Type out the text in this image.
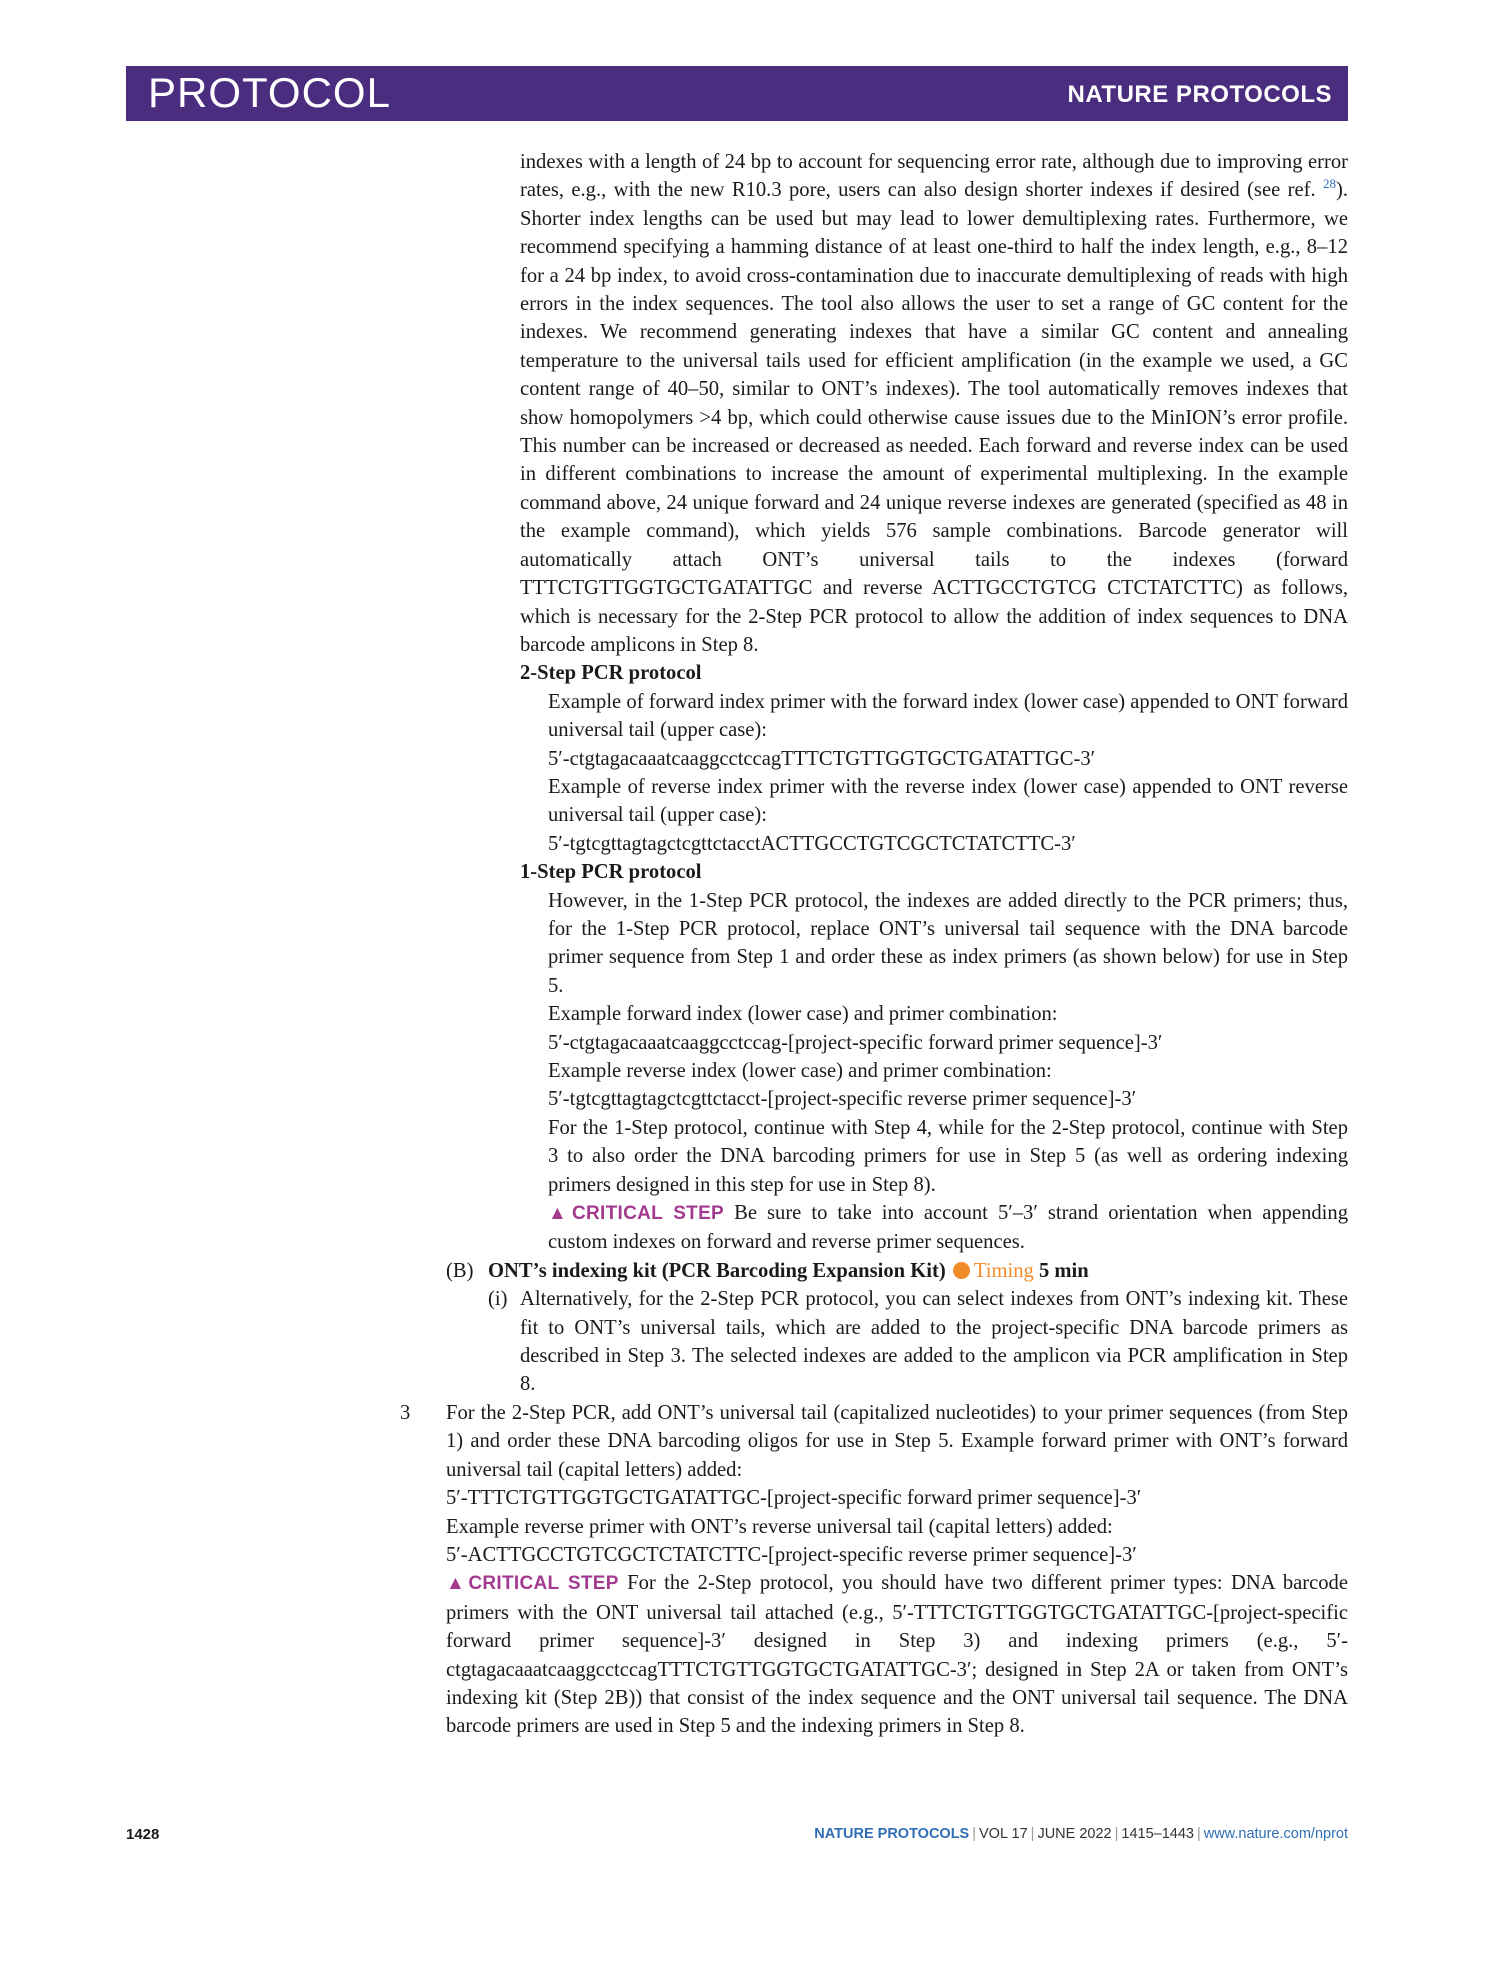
PROTOCOL	NATURE PROTOCOLS

indexes with a length of 24 bp to account for sequencing error rate, although due to improving error rates, e.g., with the new R10.3 pore, users can also design shorter indexes if desired (see ref. $^{28}$). Shorter index lengths can be used but may lead to lower demultiplexing rates. Furthermore, we recommend specifying a hamming distance of at least one-third to half the index length, e.g., 8–12 for a 24 bp index, to avoid cross-contamination due to inaccurate demultiplexing of reads with high errors in the index sequences. The tool also allows the user to set a range of GC content for the indexes. We recommend generating indexes that have a similar GC content and annealing temperature to the universal tails used for efficient amplification (in the example we used, a GC content range of 40–50, similar to ONT’s indexes). The tool automatically removes indexes that show homopolymers >4 bp, which could otherwise cause issues due to the MinION’s error profile. This number can be increased or decreased as needed. Each forward and reverse index can be used in different combinations to increase the amount of experimental multiplexing. In the example command above, 24 unique forward and 24 unique reverse indexes are generated (specified as 48 in the example command), which yields 576 sample combinations. Barcode generator will automatically attach ONT’s universal tails to the indexes (forward TTTCTGTTGGTGCTGATATTGC and reverse ACTTGCCTGTCG CTCTATCTTC) as follows, which is necessary for the 2-Step PCR protocol to allow the addition of index sequences to DNA barcode amplicons in Step 8.

2-Step PCR protocol

Example of forward index primer with the forward index (lower case) appended to ONT forward universal tail (upper case):

5′-ctgtagacaaatcaaggcctccagTTTCTGTTGGTGCTGATATTGC-3′

Example of reverse index primer with the reverse index (lower case) appended to ONT reverse universal tail (upper case):

5′-tgtcgttagtagctcgttctacctACTTGCCTGTCGCTCTATCTTC-3′

1-Step PCR protocol

However, in the 1-Step PCR protocol, the indexes are added directly to the PCR primers; thus, for the 1-Step PCR protocol, replace ONT’s universal tail sequence with the DNA barcode primer sequence from Step 1 and order these as index primers (as shown below) for use in Step 5.

Example forward index (lower case) and primer combination:

5′-ctgtagacaaatcaaggcctccag-[project-specific forward primer sequence]-3′

Example reverse index (lower case) and primer combination:

5′-tgtcgttagtagctcgttctacct-[project-specific reverse primer sequence]-3′

For the 1-Step protocol, continue with Step 4, while for the 2-Step protocol, continue with Step 3 to also order the DNA barcoding primers for use in Step 5 (as well as ordering indexing primers designed in this step for use in Step 8).

▲CRITICAL STEP Be sure to take into account 5′–3′ strand orientation when appending custom indexes on forward and reverse primer sequences.

(B) ONT’s indexing kit (PCR Barcoding Expansion Kit) Timing 5 min

(i) Alternatively, for the 2-Step PCR protocol, you can select indexes from ONT’s indexing kit. These fit to ONT’s universal tails, which are added to the project-specific DNA barcode primers as described in Step 3. The selected indexes are added to the amplicon via PCR amplification in Step 8.

3 For the 2-Step PCR, add ONT’s universal tail (capitalized nucleotides) to your primer sequences (from Step 1) and order these DNA barcoding oligos for use in Step 5. Example forward primer with ONT’s forward universal tail (capital letters) added:

5′-TTTCTGTTGGTGCTGATATTGC-[project-specific forward primer sequence]-3′

Example reverse primer with ONT’s reverse universal tail (capital letters) added:

5′-ACTTGCCTGTCGCTCTATCTTC-[project-specific reverse primer sequence]-3′

▲CRITICAL STEP For the 2-Step protocol, you should have two different primer types: DNA barcode primers with the ONT universal tail attached (e.g., 5′-TTTCTGTTGGTGCTGATATTGC-[project-specific forward primer sequence]-3′ designed in Step 3) and indexing primers (e.g., 5′-ctgtagacaaatcaaggcctccagTTTCTGTTGGTGCTGATATTGC-3′; designed in Step 2A or taken from ONT’s indexing kit (Step 2B)) that consist of the index sequence and the ONT universal tail sequence. The DNA barcode primers are used in Step 5 and the indexing primers in Step 8.

1428	NATURE PROTOCOLS | VOL 17 | JUNE 2022 | 1415–1443 | www.nature.com/nprot
